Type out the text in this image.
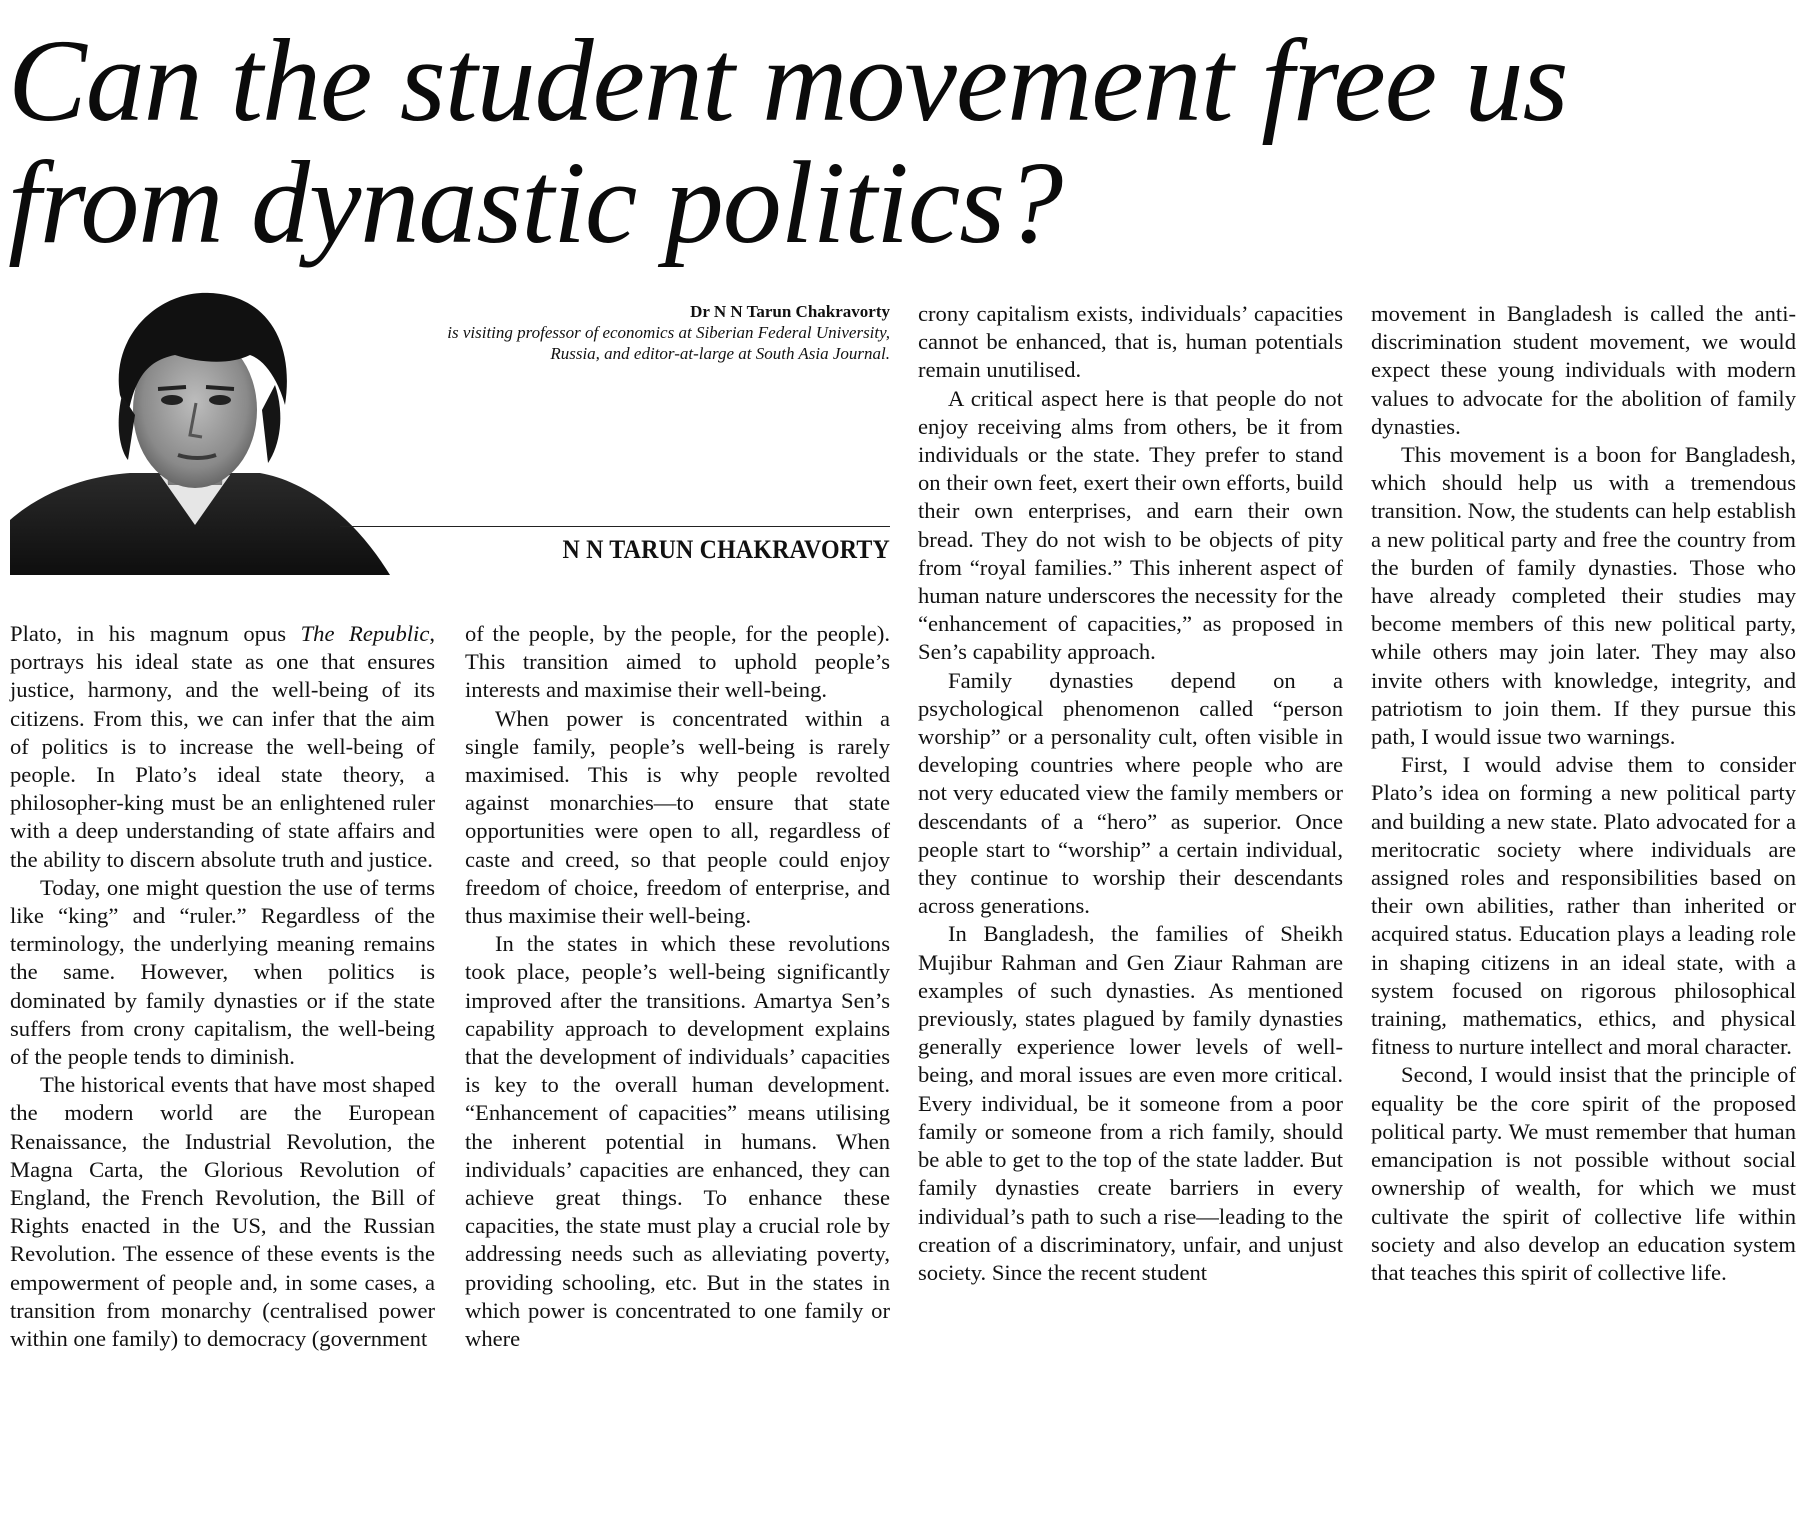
Can the student movement free us
from dynastic politics?
Dr N N Tarun Chakravorty
is visiting professor of economics at Siberian Federal University, Russia, and editor-at-large at South Asia Journal.
N N TARUN CHAKRAVORTY

Plato, in his magnum opus The Republic, portrays his ideal state as one that ensures justice, harmony, and the well-being of its citizens. From this, we can infer that the aim of politics is to increase the well-being of people. In Plato’s ideal state theory, a philosopher-king must be an enlightened ruler with a deep understanding of state affairs and the ability to discern absolute truth and justice.

Today, one might question the use of terms like “king” and “ruler.” Regardless of the terminology, the underlying meaning remains the same. However, when politics is dominated by family dynasties or if the state suffers from crony capitalism, the well-being of the people tends to diminish.

The historical events that have most shaped the modern world are the European Renaissance, the Industrial Revolution, the Magna Carta, the Glorious Revolution of England, the French Revolution, the Bill of Rights enacted in the US, and the Russian Revolution. The essence of these events is the empowerment of people and, in some cases, a transition from monarchy (centralised power within one family) to democracy (government

of the people, by the people, for the people). This transition aimed to uphold people’s interests and maximise their well-being.

When power is concentrated within a single family, people’s well-being is rarely maximised. This is why people revolted against monarchies—to ensure that state opportunities were open to all, regardless of caste and creed, so that people could enjoy freedom of choice, freedom of enterprise, and thus maximise their well-being.

In the states in which these revolutions took place, people’s well-being significantly improved after the transitions. Amartya Sen’s capability approach to development explains that the development of individuals’ capacities is key to the overall human development. “Enhancement of capacities” means utilising the inherent potential in humans. When individuals’ capacities are enhanced, they can achieve great things. To enhance these capacities, the state must play a crucial role by addressing needs such as alleviating poverty, providing schooling, etc. But in the states in which power is concentrated to one family or where

crony capitalism exists, individuals’ capacities cannot be enhanced, that is, human potentials remain unutilised.

A critical aspect here is that people do not enjoy receiving alms from others, be it from individuals or the state. They prefer to stand on their own feet, exert their own efforts, build their own enterprises, and earn their own bread. They do not wish to be objects of pity from “royal families.” This inherent aspect of human nature underscores the necessity for the “enhancement of capacities,” as proposed in Sen’s capability approach.

Family dynasties depend on a psychological phenomenon called “person worship” or a personality cult, often visible in developing countries where people who are not very educated view the family members or descendants of a “hero” as superior. Once people start to “worship” a certain individual, they continue to worship their descendants across generations.

In Bangladesh, the families of Sheikh Mujibur Rahman and Gen Ziaur Rahman are examples of such dynasties. As mentioned previously, states plagued by family dynasties generally experience lower levels of well-being, and moral issues are even more critical. Every individual, be it someone from a poor family or someone from a rich family, should be able to get to the top of the state ladder. But family dynasties create barriers in every individual’s path to such a rise—leading to the creation of a discriminatory, unfair, and unjust society. Since the recent student

movement in Bangladesh is called the anti-discrimination student movement, we would expect these young individuals with modern values to advocate for the abolition of family dynasties.

This movement is a boon for Bangladesh, which should help us with a tremendous transition. Now, the students can help establish a new political party and free the country from the burden of family dynasties. Those who have already completed their studies may become members of this new political party, while others may join later. They may also invite others with knowledge, integrity, and patriotism to join them. If they pursue this path, I would issue two warnings.

First, I would advise them to consider Plato’s idea on forming a new political party and building a new state. Plato advocated for a meritocratic society where individuals are assigned roles and responsibilities based on their own abilities, rather than inherited or acquired status. Education plays a leading role in shaping citizens in an ideal state, with a system focused on rigorous philosophical training, mathematics, ethics, and physical fitness to nurture intellect and moral character.

Second, I would insist that the principle of equality be the core spirit of the proposed political party. We must remember that human emancipation is not possible without social ownership of wealth, for which we must cultivate the spirit of collective life within society and also develop an education system that teaches this spirit of collective life.
